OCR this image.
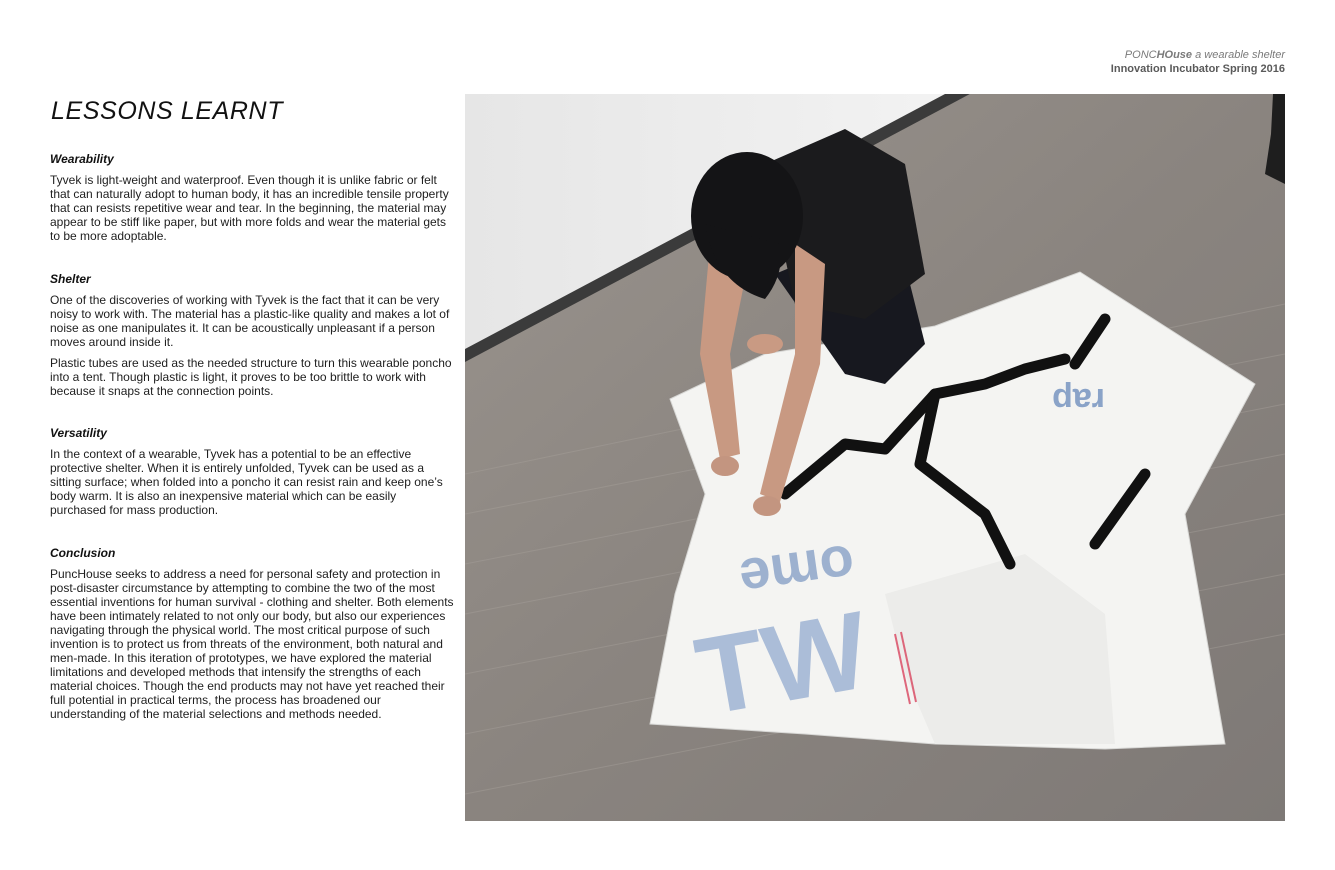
PONCHOuse a wearable shelter
Innovation Incubator Spring 2016
LESSONS LEARNT
Wearability

Tyvek is light-weight and waterproof. Even though it is unlike fabric or felt that can naturally adopt to human body, it has an incredible tensile property that can resists repetitive wear and tear. In the beginning, the material may appear to be stiff like paper, but with more folds and wear the material gets to be more adoptable.

Shelter

One of the discoveries of working with Tyvek is the fact that it can be very noisy to work with. The material has a plastic-like quality and makes a lot of noise as one manipulates it. It can be acoustically unpleasant if a person moves around inside it.

Plastic tubes are used as the needed structure to turn this wearable poncho into a tent. Though plastic is light, it proves to be too brittle to work with because it snaps at the connection points.

Versatility

In the context of a wearable, Tyvek has a potential to be an effective protective shelter. When it is entirely unfolded, Tyvek can be used as a sitting surface; when folded into a poncho it can resist rain and keep one’s body warm. It is also an inexpensive material which can be easily purchased for mass production.

Conclusion

PuncHouse seeks to address a need for personal safety and protection in post-disaster circumstance by attempting to combine the two of the most essential inventions for human survival - clothing and shelter. Both elements have been intimately related to not only our body, but also our experiences navigating through the physical world. The most critical purpose of such invention is to protect us from threats of the environment, both natural and men-made. In this iteration of prototypes, we have explored the material limitations and developed methods that intensify the strengths of each material choices. Though the end products may not have yet reached their full potential in practical terms, the process has broadened our understanding of the material selections and methods needed.

rap
TW
ome
